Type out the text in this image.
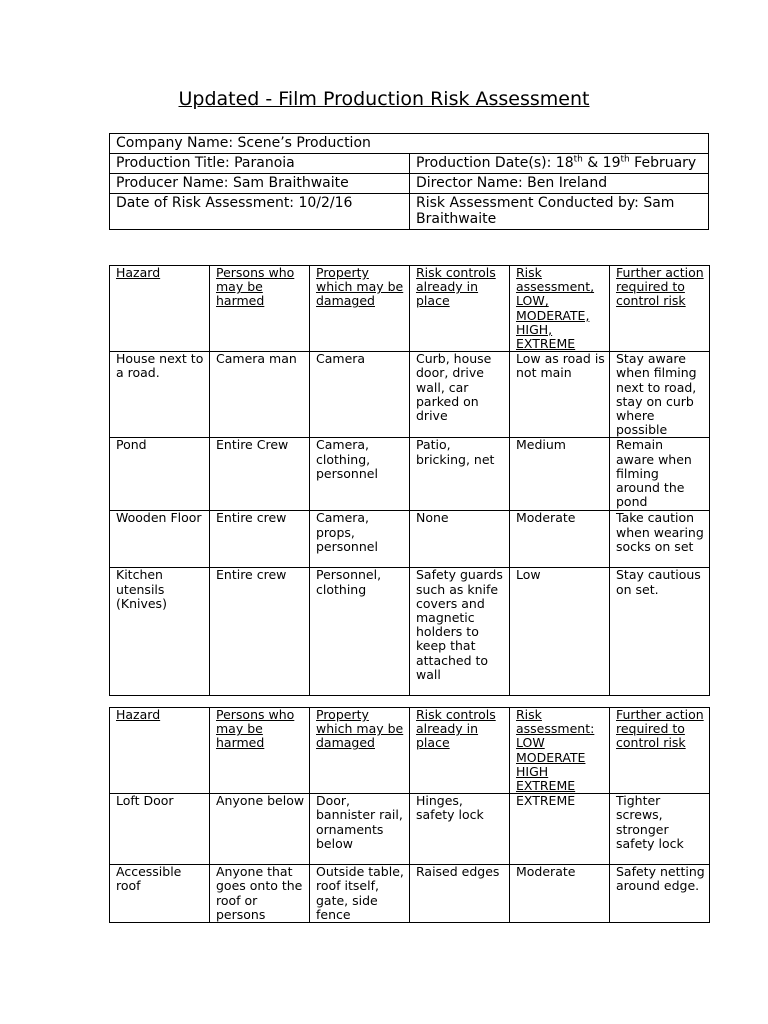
Updated - Film Production Risk Assessment
Company Name: Scene’s Production	
Production Title: Paranoia	Production Date(s): 18th & 19th February
Producer Name: Sam Braithwaite	Director Name: Ben Ireland
Date of Risk Assessment: 10/2/16	Risk Assessment Conducted by: Sam Braithwaite
Hazard	Persons who may be harmed	Property which may be damaged	Risk controls already in place	Risk assessment, LOW, MODERATE, HIGH, EXTREME	Further action required to control risk
House next to a road.	Camera man	Camera	Curb, house door, drive wall, car parked on drive	Low as road is not main	Stay aware when filming next to road, stay on curb where possible
Pond	Entire Crew	Camera, clothing, personnel	Patio, bricking, net	Medium	Remain aware when filming around the pond
Wooden Floor	Entire crew	Camera, props, personnel	None	Moderate	Take caution when wearing socks on set
Kitchen utensils (Knives)	Entire crew	Personnel, clothing	Safety guards such as knife covers and magnetic holders to keep that attached to wall	Low	Stay cautious on set.
Hazard	Persons who may be harmed	Property which may be damaged	Risk controls already in place	Risk assessment: LOW MODERATE HIGH EXTREME	Further action required to control risk
Loft Door	Anyone below	Door, bannister rail, ornaments below	Hinges, safety lock	EXTREME	Tighter screws, stronger safety lock
Accessible roof	Anyone that goes onto the roof or persons	Outside table, roof itself, gate, side fence	Raised edges	Moderate	Safety netting around edge.
